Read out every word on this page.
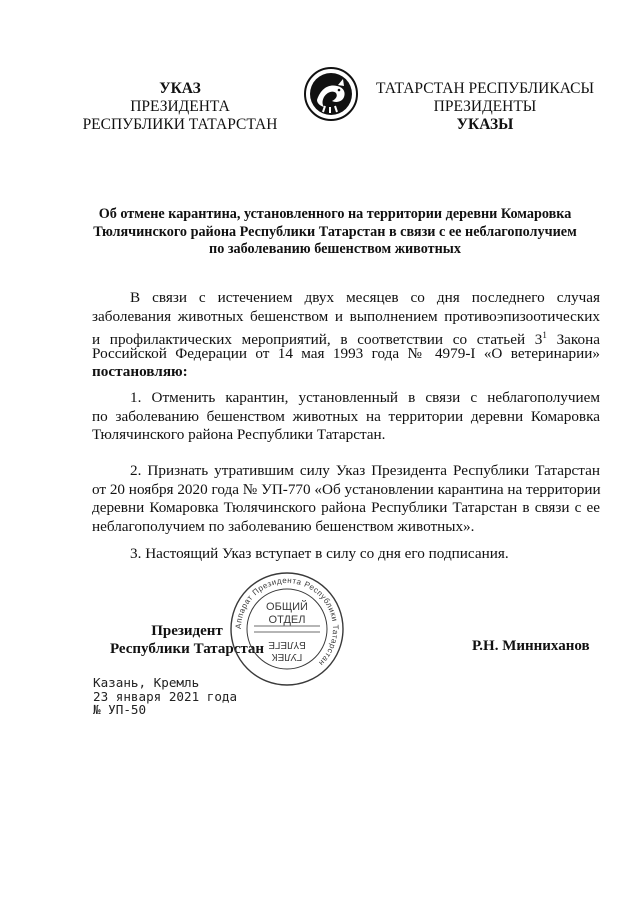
УКАЗ
ПРЕЗИДЕНТА
РЕСПУБЛИКИ ТАТАРСТАН
ТАТАРСТАН РЕСПУБЛИКАСЫ
ПРЕЗИДЕНТЫ
УКАЗЫ
Об отмене карантина, установленного на территории деревни Комаровка
Тюлячинского района Республики Татарстан в связи с ее неблагополучием
по заболеванию бешенством животных
В связи с истечением двух месяцев со дня последнего случая
заболевания животных бешенством и выполнением противоэпизоотических
и профилактических мероприятий, в соответствии со статьей $3^1$ Закона
Российской Федерации от 14 мая 1993 года № 4979-I «О ветеринарии»
постановляю:
1. Отменить карантин, установленный в связи с неблагополучием
по заболеванию бешенством животных на территории деревни Комаровка
Тюлячинского района Республики Татарстан.
2. Признать утратившим силу Указ Президента Республики Татарстан
от 20 ноября 2020 года № УП-770 «Об установлении карантина на территории
деревни Комаровка Тюлячинского района Республики Татарстан в связи с ее
неблагополучием по заболеванию бешенством животных».
3. Настоящий Указ вступает в силу со дня его подписания.
Президент
Республики Татарстан	Р.Н. Минниханов
Аппарат Президента Республики Татарстан
ОБЩИЙ
ОТДЕЛ
ГУЛЕК
БҮЛЕГЕ
Казань, Кремль
23 января 2021 года
№ УП-50
